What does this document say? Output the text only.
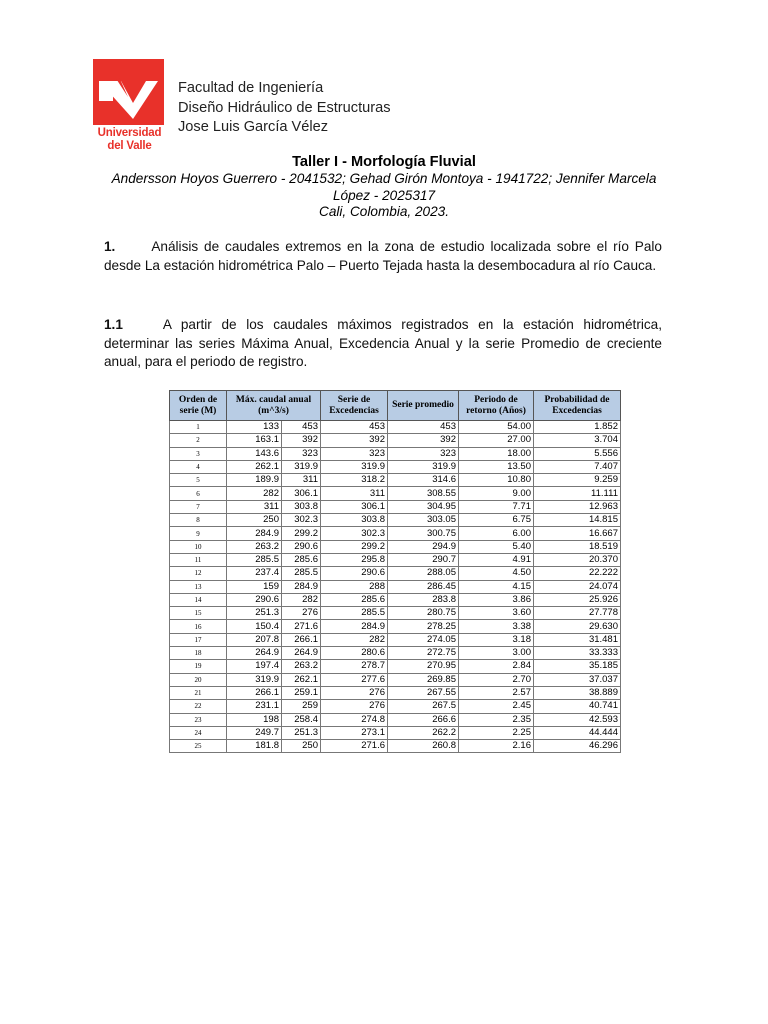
Universidad
del Valle
Facultad de Ingeniería
Diseño Hidráulico de Estructuras
Jose Luis García Vélez
Taller I - Morfología Fluvial
Andersson Hoyos Guerrero - 2041532; Gehad Girón Montoya - 1941722; Jennifer Marcela
López - 2025317
Cali, Colombia, 2023.
1.	Análisis de caudales extremos en la zona de estudio localizada sobre el río Palo desde La estación hidrométrica Palo – Puerto Tejada hasta la desembocadura al río Cauca.
1.1	A partir de los caudales máximos registrados en la estación hidrométrica, determinar las series Máxima Anual, Excedencia Anual y la serie Promedio de creciente anual, para el periodo de registro.
Orden de serie (M)	Máx. caudal anual (m^3/s)		Serie de Excedencias	Serie promedio	Periodo de retorno (Años)	Probabilidad de Excedencias
1	133	453	453	453	54.00	1.852
2	163.1	392	392	392	27.00	3.704
3	143.6	323	323	323	18.00	5.556
4	262.1	319.9	319.9	319.9	13.50	7.407
5	189.9	311	318.2	314.6	10.80	9.259
6	282	306.1	311	308.55	9.00	11.111
7	311	303.8	306.1	304.95	7.71	12.963
8	250	302.3	303.8	303.05	6.75	14.815
9	284.9	299.2	302.3	300.75	6.00	16.667
10	263.2	290.6	299.2	294.9	5.40	18.519
11	285.5	285.6	295.8	290.7	4.91	20.370
12	237.4	285.5	290.6	288.05	4.50	22.222
13	159	284.9	288	286.45	4.15	24.074
14	290.6	282	285.6	283.8	3.86	25.926
15	251.3	276	285.5	280.75	3.60	27.778
16	150.4	271.6	284.9	278.25	3.38	29.630
17	207.8	266.1	282	274.05	3.18	31.481
18	264.9	264.9	280.6	272.75	3.00	33.333
19	197.4	263.2	278.7	270.95	2.84	35.185
20	319.9	262.1	277.6	269.85	2.70	37.037
21	266.1	259.1	276	267.55	2.57	38.889
22	231.1	259	276	267.5	2.45	40.741
23	198	258.4	274.8	266.6	2.35	42.593
24	249.7	251.3	273.1	262.2	2.25	44.444
25	181.8	250	271.6	260.8	2.16	46.296
